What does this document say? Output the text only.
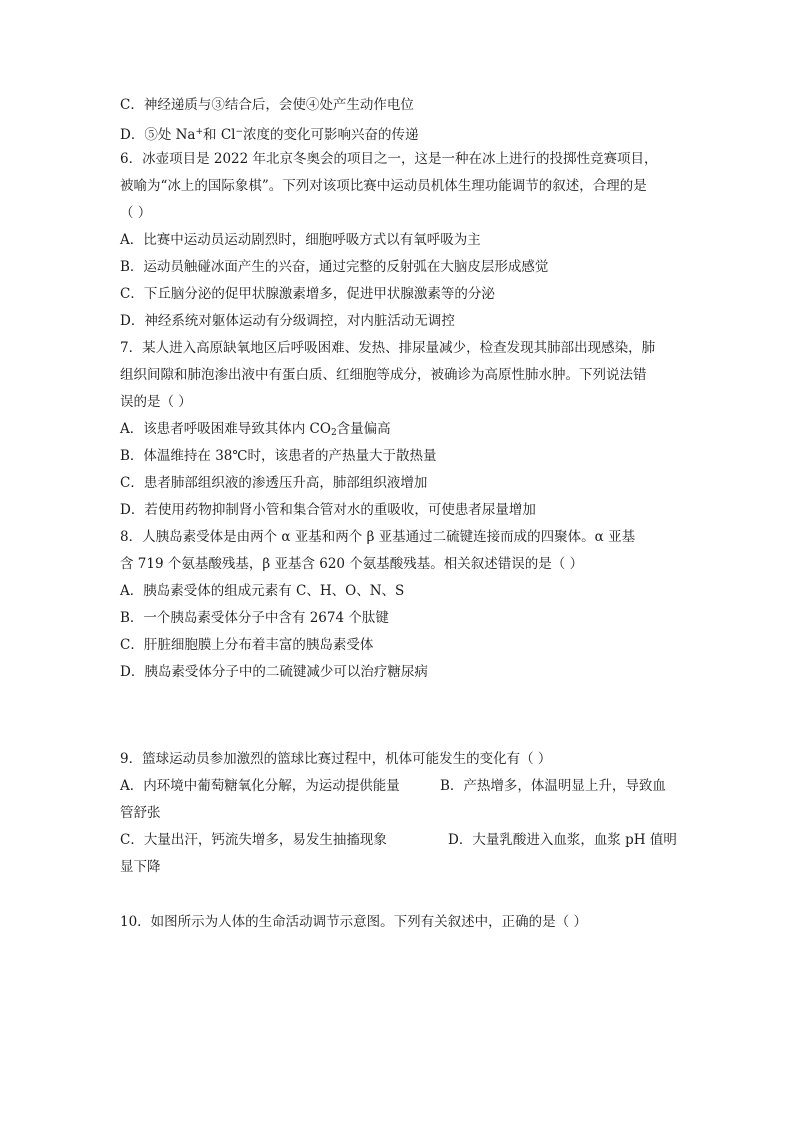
C．神经递质与③结合后，会使④处产生动作电位
D．⑤处 Na+和 Cl−浓度的变化可影响兴奋的传递
6．冰壶项目是 2022 年北京冬奥会的项目之一，这是一种在冰上进行的投掷性竞赛项目，
被喻为“冰上的国际象棋”。下列对该项比赛中运动员机体生理功能调节的叙述，合理的是
（ ）
A．比赛中运动员运动剧烈时，细胞呼吸方式以有氧呼吸为主
B．运动员触碰冰面产生的兴奋，通过完整的反射弧在大脑皮层形成感觉
C．下丘脑分泌的促甲状腺激素增多，促进甲状腺激素等的分泌
D．神经系统对躯体运动有分级调控，对内脏活动无调控
7．某人进入高原缺氧地区后呼吸困难、发热、排尿量减少，检查发现其肺部出现感染，肺
组织间隙和肺泡渗出液中有蛋白质、红细胞等成分，被确诊为高原性肺水肿。下列说法错
误的是（ ）
A．该患者呼吸困难导致其体内 $CO_2$含量偏高
B．体温维持在 38℃时，该患者的产热量大于散热量
C．患者肺部组织液的渗透压升高，肺部组织液增加
D．若使用药物抑制肾小管和集合管对水的重吸收，可使患者尿量增加
8．人胰岛素受体是由两个 α 亚基和两个 β 亚基通过二硫键连接而成的四聚体。α 亚基
含 719 个氨基酸残基，β 亚基含 620 个氨基酸残基。相关叙述错误的是（ ）
A．胰岛素受体的组成元素有 C、H、O、N、S
B．一个胰岛素受体分子中含有 2674 个肽键
C．肝脏细胞膜上分布着丰富的胰岛素受体
D．胰岛素受体分子中的二硫键减少可以治疗糖尿病
9．篮球运动员参加激烈的篮球比赛过程中，机体可能发生的变化有（ ）
A．内环境中葡萄糖氧化分解，为运动提供能量	B．产热增多，体温明显上升，导致血
管舒张
C．大量出汗，钙流失增多，易发生抽搐现象	D．大量乳酸进入血浆，血浆 pH 值明
显下降
10．如图所示为人体的生命活动调节示意图。下列有关叙述中，正确的是（ ）
